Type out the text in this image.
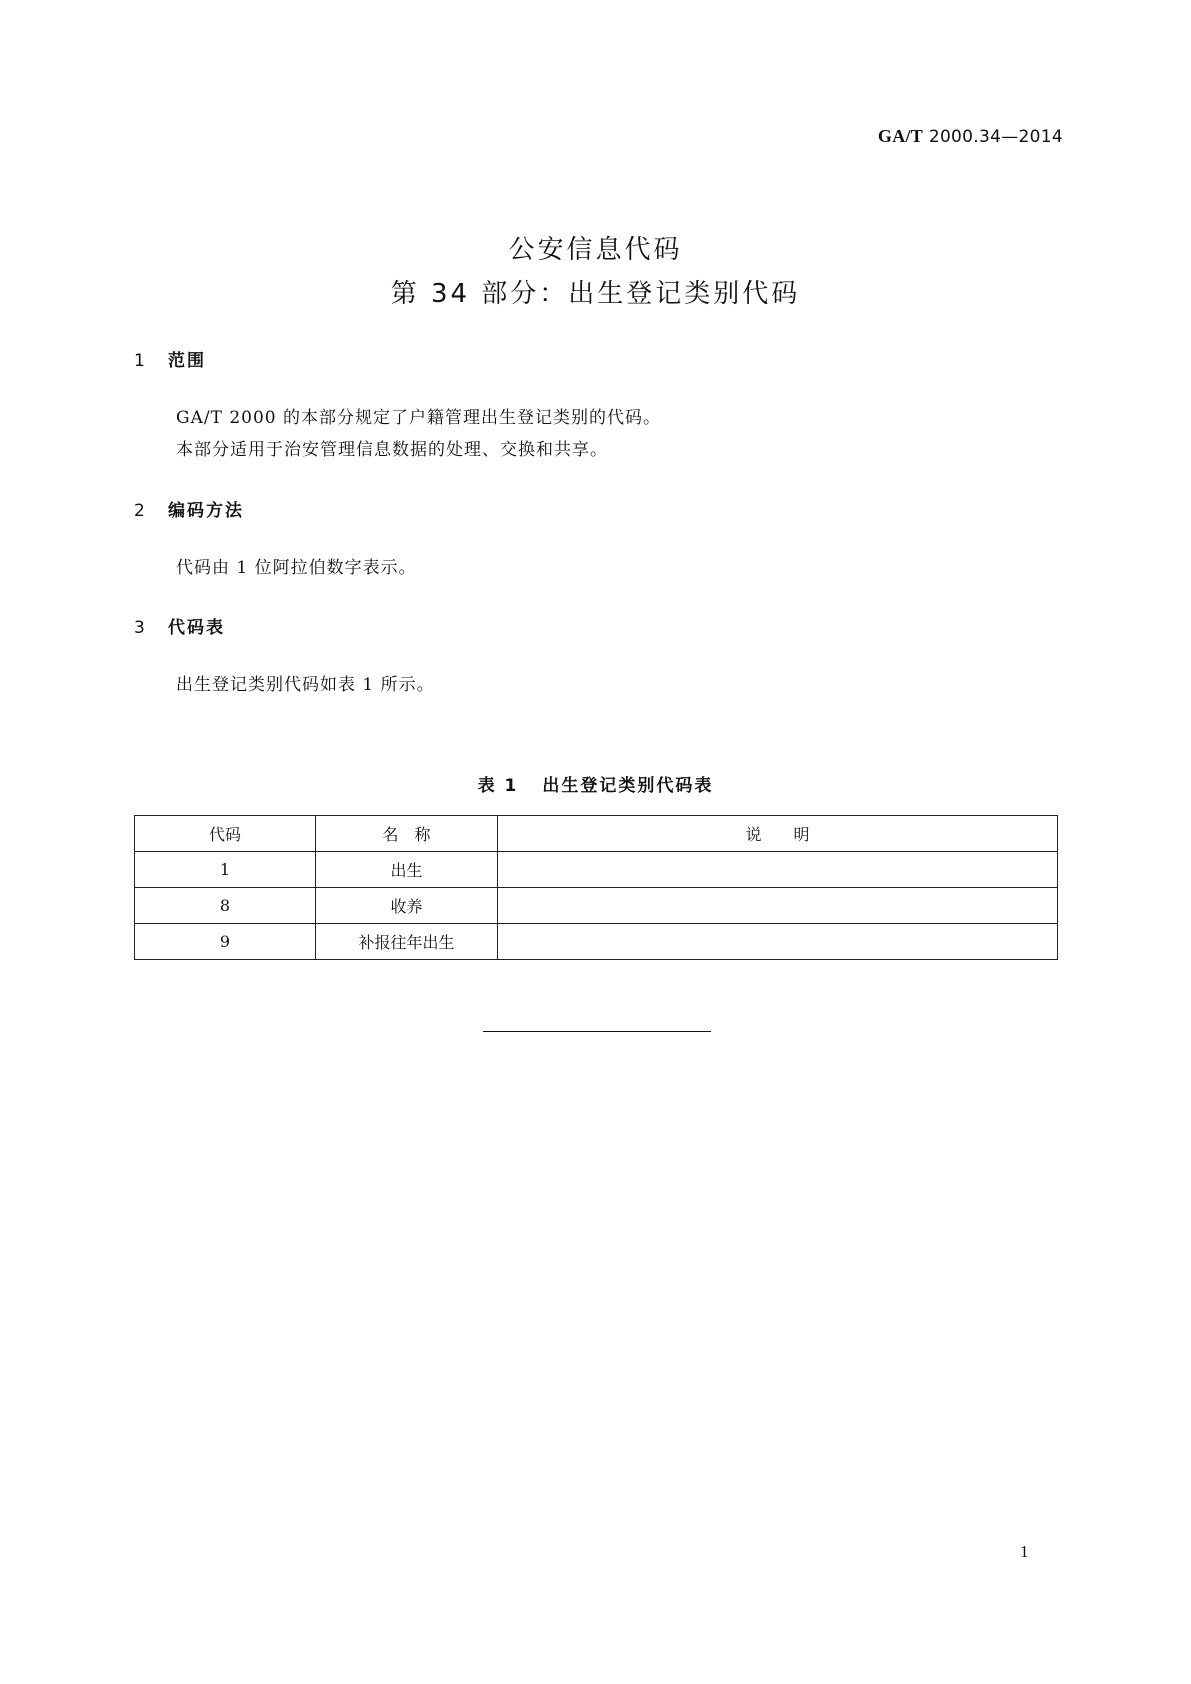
GA/T 2000.34—2014
公安信息代码
第 34 部分：出生登记类别代码
1 范围
GA/T 2000 的本部分规定了户籍管理出生登记类别的代码。
本部分适用于治安管理信息数据的处理、交换和共享。
2 编码方法
代码由 1 位阿拉伯数字表示。
3 代码表
出生登记类别代码如表 1 所示。
表 1 出生登记类别代码表
代码	名　称	说　　明
1	出生	
8	收养	
9	补报往年出生	
1
